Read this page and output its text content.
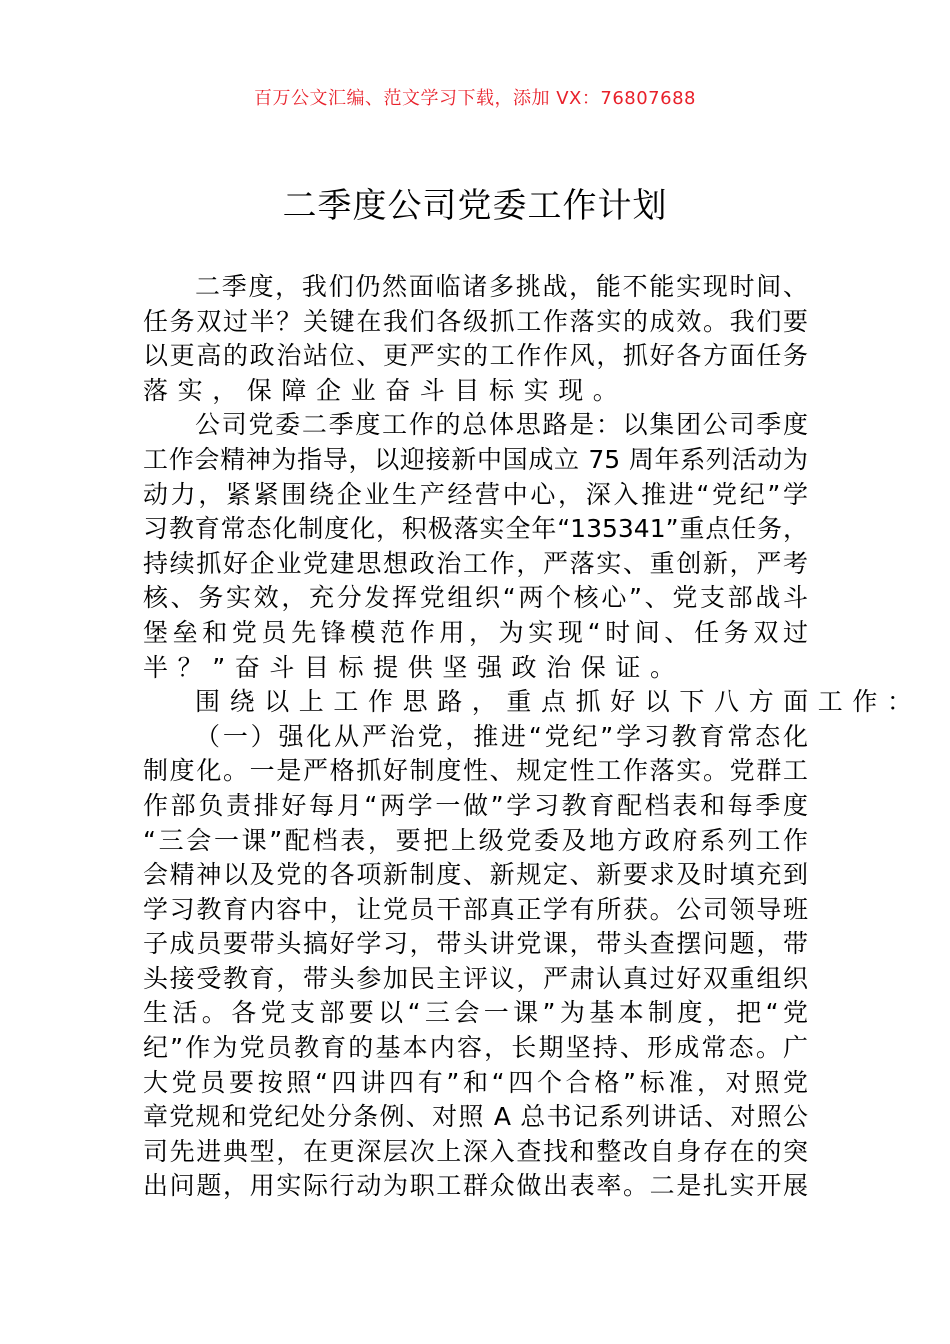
百万公文汇编、范文学习下载，添加 VX：76807688
二季度公司党委工作计划
二季度，我们仍然面临诸多挑战，能不能实现时间、
任务双过半？关键在我们各级抓工作落实的成效。我们要
以更高的政治站位、更严实的工作作风，抓好各方面任务
落实，保障企业奋斗目标实现。
公司党委二季度工作的总体思路是：以集团公司季度
工作会精神为指导，以迎接新中国成立 75 周年系列活动为
动力，紧紧围绕企业生产经营中心，深入推进“党纪”学
习教育常态化制度化，积极落实全年“135341”重点任务，
持续抓好企业党建思想政治工作，严落实、重创新，严考
核、务实效，充分发挥党组织“两个核心”、党支部战斗
堡垒和党员先锋模范作用，为实现“时间、任务双过
半？”奋斗目标提供坚强政治保证。
围绕以上工作思路，重点抓好以下八方面工作：
（一）强化从严治党，推进“党纪”学习教育常态化
制度化。一是严格抓好制度性、规定性工作落实。党群工
作部负责排好每月“两学一做”学习教育配档表和每季度
“三会一课”配档表，要把上级党委及地方政府系列工作
会精神以及党的各项新制度、新规定、新要求及时填充到
学习教育内容中，让党员干部真正学有所获。公司领导班
子成员要带头搞好学习，带头讲党课，带头查摆问题，带
头接受教育，带头参加民主评议，严肃认真过好双重组织
生活。各党支部要以“三会一课”为基本制度，把“党
纪”作为党员教育的基本内容，长期坚持、形成常态。广
大党员要按照“四讲四有”和“四个合格”标准，对照党
章党规和党纪处分条例、对照 A 总书记系列讲话、对照公
司先进典型，在更深层次上深入查找和整改自身存在的突
出问题，用实际行动为职工群众做出表率。二是扎实开展
